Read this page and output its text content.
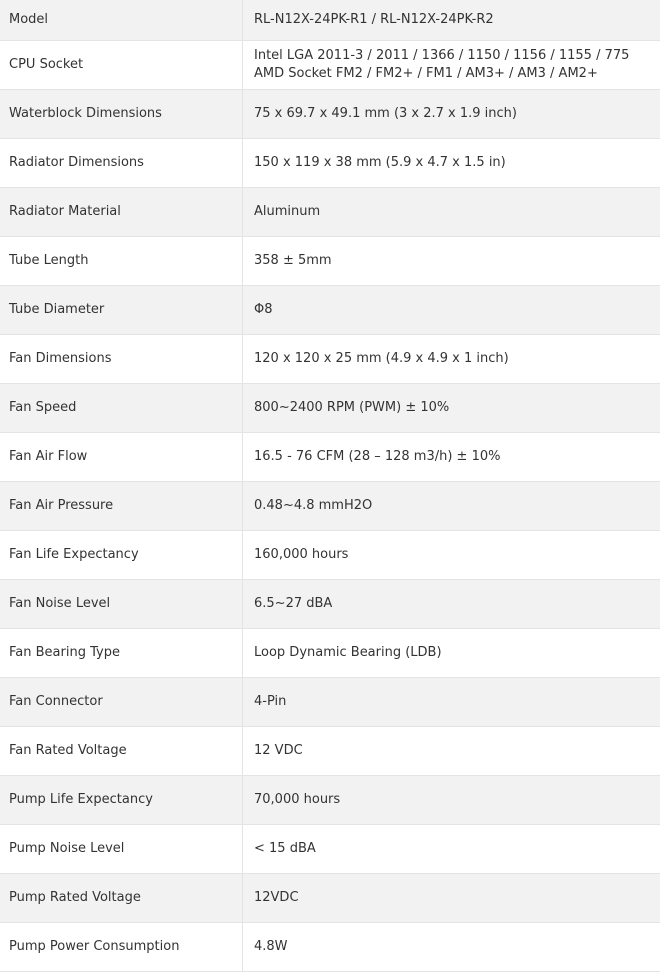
Model	RL-N12X-24PK-R1 / RL-N12X-24PK-R2
CPU Socket	Intel LGA 2011-3 / 2011 / 1366 / 1150 / 1156 / 1155 / 775
AMD Socket FM2 / FM2+ / FM1 / AM3+ / AM3 / AM2+

Waterblock Dimensions	75 x 69.7 x 49.1 mm (3 x 2.7 x 1.9 inch)
Radiator Dimensions	150 x 119 x 38 mm (5.9 x 4.7 x 1.5 in)
Radiator Material	Aluminum
Tube Length	358 ± 5mm
Tube Diameter	Φ8
Fan Dimensions	120 x 120 x 25 mm (4.9 x 4.9 x 1 inch)
Fan Speed	800~2400 RPM (PWM) ± 10%
Fan Air Flow	16.5 - 76 CFM (28 – 128 m3/h) ± 10%
Fan Air Pressure	0.48~4.8 mmH2O
Fan Life Expectancy	160,000 hours
Fan Noise Level	6.5~27 dBA
Fan Bearing Type	Loop Dynamic Bearing (LDB)
Fan Connector	4-Pin
Fan Rated Voltage	12 VDC
Pump Life Expectancy	70,000 hours
Pump Noise Level	< 15 dBA
Pump Rated Voltage	12VDC
Pump Power Consumption	4.8W
